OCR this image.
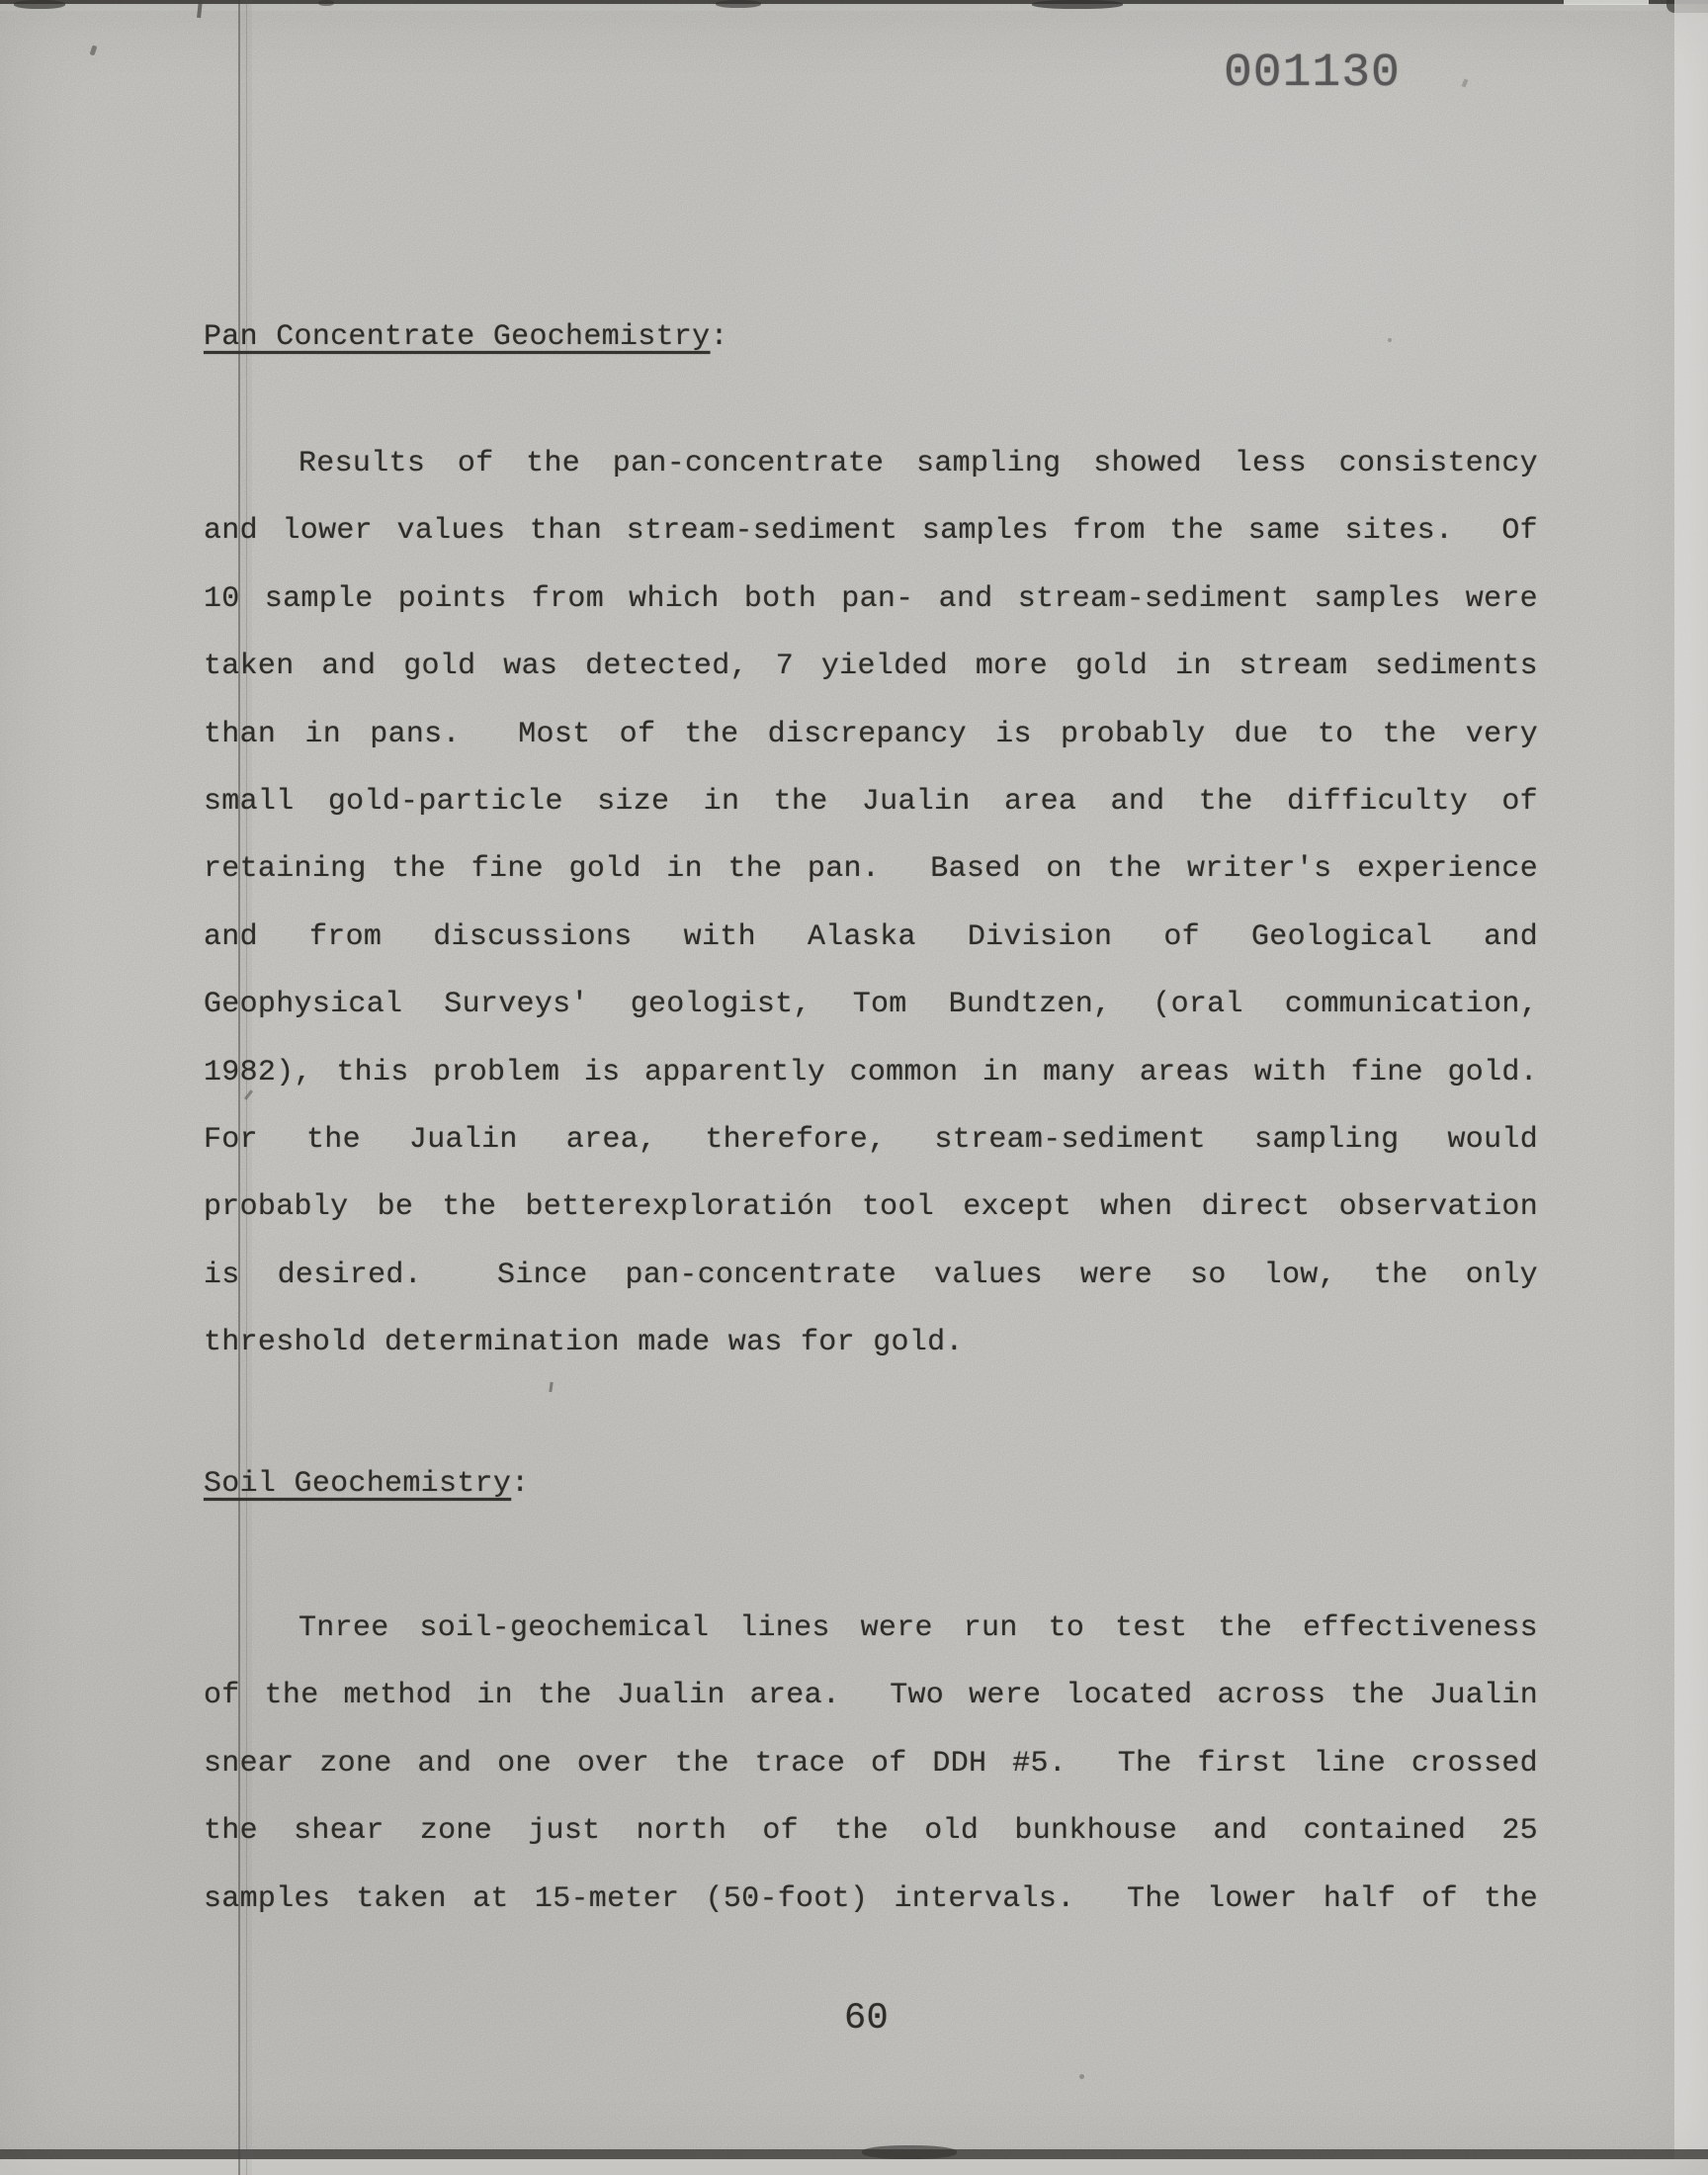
001130
Pan Concentrate Geochemistry:
Results of the pan-concentrate sampling showed less consistency
and lower values than stream-sediment samples from the same sites.  Of
10 sample points from which both pan- and stream-sediment samples were
taken and gold was detected, 7 yielded more gold in stream sediments
than in pans.  Most of the discrepancy is probably due to the very
small gold-particle size in the Jualin area and the difficulty of
retaining the fine gold in the pan.  Based on the writer's experience
and from discussions with Alaska Division of Geological and
Geophysical Surveys' geologist, Tom Bundtzen, (oral communication,
1982), this problem is apparently common in many areas with fine gold.
For the Jualin area, therefore, stream-sediment sampling would
probably be the betterexploratión tool except when direct observation
is desired.  Since pan-concentrate values were so low, the only
threshold determination made was for gold.
Soil Geochemistry:
Tnree soil-geochemical lines were run to test the effectiveness
of the method in the Jualin area.  Two were located across the Jualin
snear zone and one over the trace of DDH #5.  The first line crossed
the shear zone just north of the old bunkhouse and contained 25
samples taken at 15-meter (50-foot) intervals.  The lower half of the
60
